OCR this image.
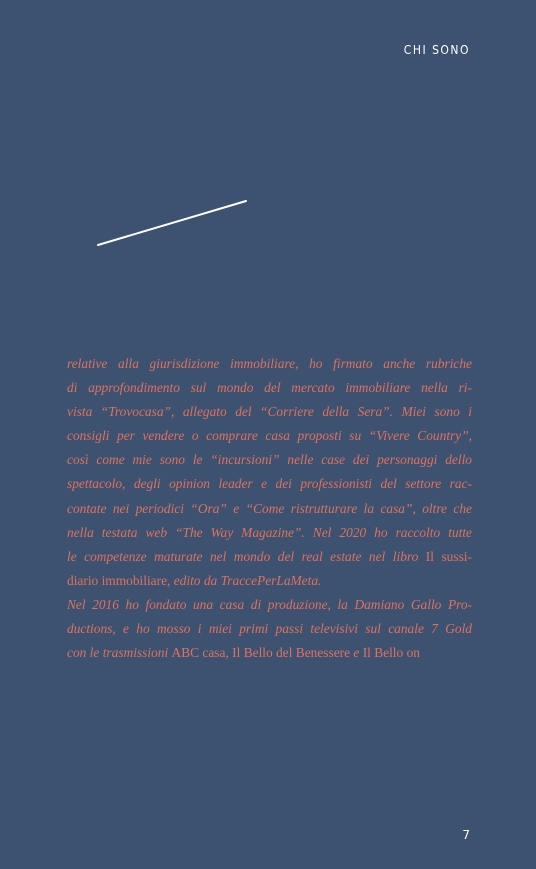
CHI SONO
relative alla giurisdizione immobiliare, ho firmato anche rubriche
di approfondimento sul mondo del mercato immobiliare nella ri-
vista “Trovocasa”, allegato del “Corriere della Sera”. Miei sono i
consigli per vendere o comprare casa proposti su “Vivere Country”,
così come mie sono le “incursioni” nelle case dei personaggi dello
spettacolo, degli opinion leader e dei professionisti del settore rac-
contate nei periodici “Ora” e “Come ristrutturare la casa”, oltre che
nella testata web “The Way Magazine”. Nel 2020 ho raccolto tutte
le competenze maturate nel mondo del real estate nel libro Il sussi-
diario immobiliare, edito da TraccePerLaMeta.
Nel 2016 ho fondato una casa di produzione, la Damiano Gallo Pro-
ductions, e ho mosso i miei primi passi televisivi sul canale 7 Gold
con le trasmissioni ABC casa, Il Bello del Benessere e Il Bello on
7
